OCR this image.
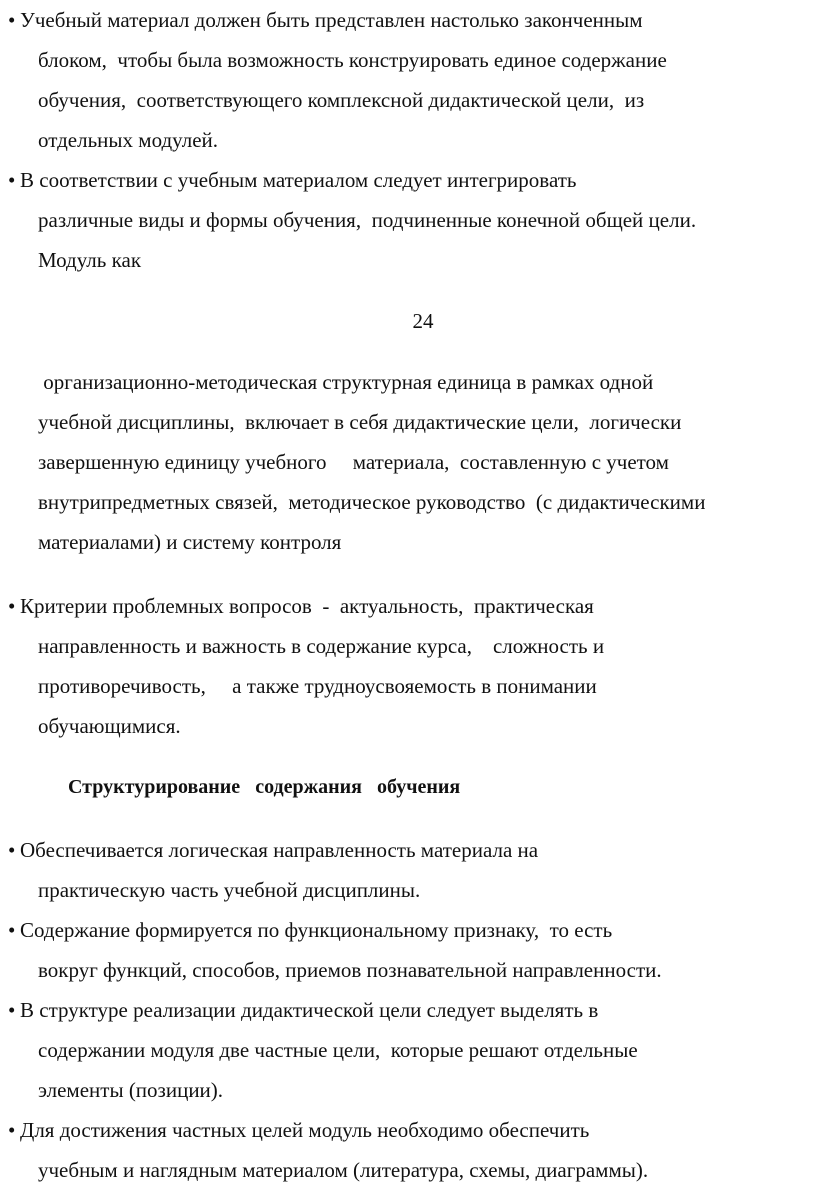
• Учебный материал должен быть представлен настолько законченным
блоком,  чтобы была возможность конструировать единое содержание
обучения,  соответствующего комплексной дидактической цели,  из
отдельных модулей.
• В соответствии с учебным материалом следует интегрировать
различные виды и формы обучения,  подчиненные конечной общей цели.
Модуль как
24
организационно-методическая структурная единица в рамках одной
учебной дисциплины,  включает в себя дидактические цели,  логически
завершенную единицу учебного     материала,  составленную с учетом
внутрипредметных связей,  методическое руководство  (с дидактическими
материалами) и систему контроля
• Критерии проблемных вопросов  -  актуальность,  практическая
направленность и важность в содержание курса,    сложность и
противоречивость,     а также трудноусвояемость в понимании
обучающимися.
Структурирование   содержания   обучения
• Обеспечивается логическая направленность материала на
практическую часть учебной дисциплины.
• Содержание формируется по функциональному признаку,  то есть
вокруг функций, способов, приемов познавательной направленности.
• В структуре реализации дидактической цели следует выделять в
содержании модуля две частные цели,  которые решают отдельные
элементы (позиции).
• Для достижения частных целей модуль необходимо обеспечить
учебным и наглядным материалом (литература, схемы, диаграммы).
